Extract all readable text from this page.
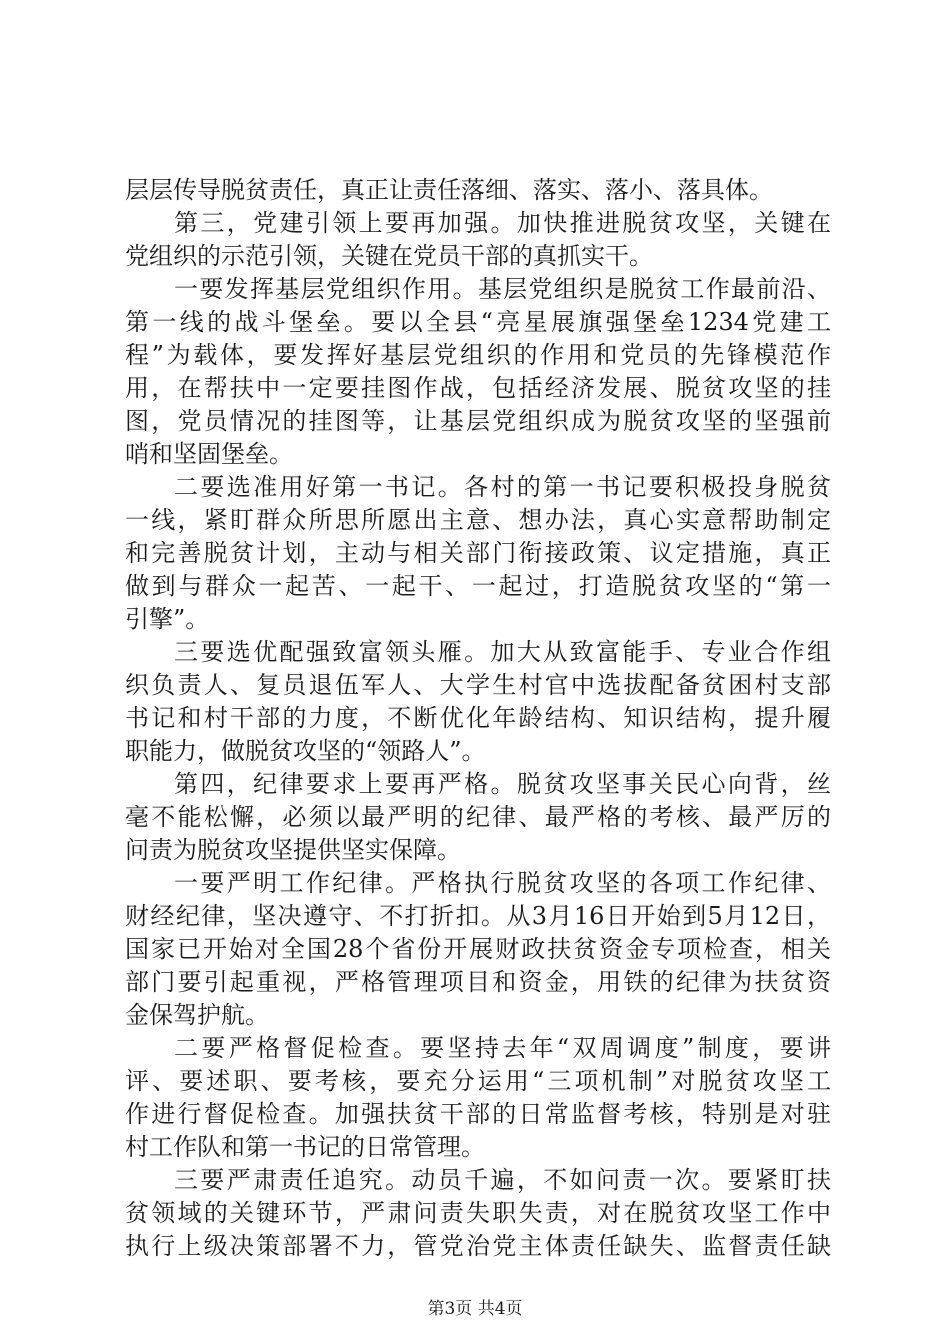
层层传导脱贫责任，真正让责任落细、落实、落小、落具体。
第三，党建引领上要再加强。加快推进脱贫攻坚，关键在
党组织的示范引领，关键在党员干部的真抓实干。
一要发挥基层党组织作用。基层党组织是脱贫工作最前沿、
第一线的战斗堡垒。要以全县“亮星展旗强堡垒1234党建工
程”为载体，要发挥好基层党组织的作用和党员的先锋模范作
用，在帮扶中一定要挂图作战，包括经济发展、脱贫攻坚的挂
图，党员情况的挂图等，让基层党组织成为脱贫攻坚的坚强前
哨和坚固堡垒。
二要选准用好第一书记。各村的第一书记要积极投身脱贫
一线，紧盯群众所思所愿出主意、想办法，真心实意帮助制定
和完善脱贫计划，主动与相关部门衔接政策、议定措施，真正
做到与群众一起苦、一起干、一起过，打造脱贫攻坚的“第一
引擎”。
三要选优配强致富领头雁。加大从致富能手、专业合作组
织负责人、复员退伍军人、大学生村官中选拔配备贫困村支部
书记和村干部的力度，不断优化年龄结构、知识结构，提升履
职能力，做脱贫攻坚的“领路人”。
第四，纪律要求上要再严格。脱贫攻坚事关民心向背，丝
毫不能松懈，必须以最严明的纪律、最严格的考核、最严厉的
问责为脱贫攻坚提供坚实保障。
一要严明工作纪律。严格执行脱贫攻坚的各项工作纪律、
财经纪律，坚决遵守、不打折扣。从3月16日开始到5月12日，
国家已开始对全国28个省份开展财政扶贫资金专项检查，相关
部门要引起重视，严格管理项目和资金，用铁的纪律为扶贫资
金保驾护航。
二要严格督促检查。要坚持去年“双周调度”制度，要讲
评、要述职、要考核，要充分运用“三项机制”对脱贫攻坚工
作进行督促检查。加强扶贫干部的日常监督考核，特别是对驻
村工作队和第一书记的日常管理。
三要严肃责任追究。动员千遍，不如问责一次。要紧盯扶
贫领域的关键环节，严肃问责失职失责，对在脱贫攻坚工作中
执行上级决策部署不力，管党治党主体责任缺失、监督责任缺
第3页 共4页
